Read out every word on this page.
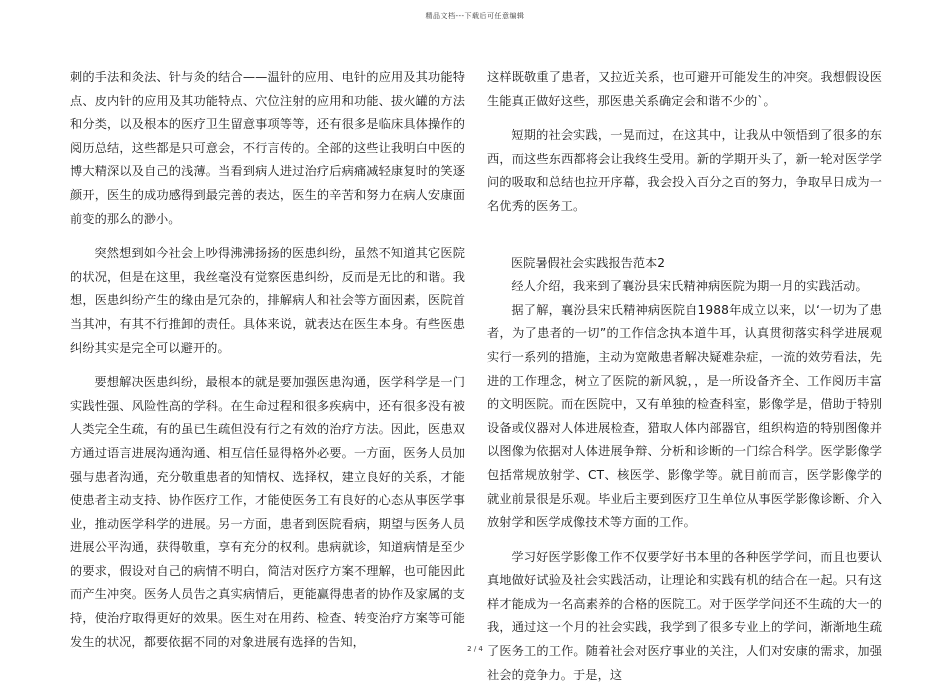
精品文档---下载后可任意编辑

刺的手法和灸法、针与灸的结合——温针的应用、电针的应用及其功能特点、皮内针的应用及其功能特点、穴位注射的应用和功能、拔火罐的方法和分类，以及根本的医疗卫生留意事项等等，还有很多是临床具体操作的阅历总结，这些都是只可意会，不行言传的。全部的这些让我明白中医的博大精深以及自己的浅薄。当看到病人进过治疗后病痛减轻康复时的笑逐颜开，医生的成功感得到最完善的表达，医生的辛苦和努力在病人安康面前变的那么的渺小。

突然想到如今社会上吵得沸沸扬扬的医患纠纷，虽然不知道其它医院的状况，但是在这里，我丝毫没有觉察医患纠纷，反而是无比的和谐。我想，医患纠纷产生的缘由是冗杂的，排解病人和社会等方面因素，医院首当其冲，有其不行推卸的责任。具体来说，就表达在医生本身。有些医患纠纷其实是完全可以避开的。

要想解决医患纠纷，最根本的就是要加强医患沟通，医学科学是一门实践性强、风险性高的学科。在生命过程和很多疾病中，还有很多没有被人类完全生疏，有的虽已生疏但没有行之有效的治疗方法。因此，医患双方通过语言进展沟通沟通、相互信任显得格外必要。一方面，医务人员加强与患者沟通，充分敬重患者的知情权、选择权，建立良好的关系，才能使患者主动支持、协作医疗工作，才能使医务工有良好的心态从事医学事业，推动医学科学的进展。另一方面，患者到医院看病，期望与医务人员进展公平沟通，获得敬重，享有充分的权利。患病就诊，知道病情是至少的要求，假设对自己的病情不明白，简洁对医疗方案不理解，也可能因此而产生冲突。医务人员告之真实病情后，更能赢得患者的协作及家属的支持，使治疗取得更好的效果。医生对在用药、检查、转变治疗方案等可能发生的状况，都要依据不同的对象进展有选择的告知，

这样既敬重了患者，又拉近关系，也可避开可能发生的冲突。我想假设医生能真正做好这些，那医患关系确定会和谐不少的`。

短期的社会实践，一晃而过，在这其中，让我从中领悟到了很多的东西，而这些东西都将会让我终生受用。新的学期开头了，新一轮对医学学问的吸取和总结也拉开序幕，我会投入百分之百的努力，争取早日成为一名优秀的医务工。

医院暑假社会实践报告范本2

经人介绍，我来到了襄汾县宋氏精神病医院为期一月的实践活动。

据了解，襄汾县宋氏精神病医院自1988年成立以来，以‘一切为了患者，为了患者的一切”的工作信念执本道牛耳，认真贯彻落实科学进展观实行一系列的措施，主动为宽敞患者解决疑难杂症，一流的效劳看法，先进的工作理念，树立了医院的新风貌，，是一所设备齐全、工作阅历丰富的文明医院。而在医院中，又有单独的检查科室，影像学是，借助于特别设备或仪器对人体进展检查，猎取人体内部器官，组织构造的特别图像并以图像为依据对人体进展争辩、分析和诊断的一门综合科学。医学影像学包括常规放射学、CT、核医学、影像学等。就目前而言，医学影像学的就业前景很是乐观。毕业后主要到医疗卫生单位从事医学影像诊断、介入放射学和医学成像技术等方面的工作。

学习好医学影像工作不仅要学好书本里的各种医学学问，而且也要认真地做好试验及社会实践活动，让理论和实践有机的结合在一起。只有这样才能成为一名高素养的合格的医院工。对于医学学问还不生疏的大一的我，通过这一个月的社会实践，我学到了很多专业上的学问，渐渐地生疏了医务工的工作。随着社会对医疗事业的关注，人们对安康的需求，加强社会的竞争力。于是，这

2 / 4
